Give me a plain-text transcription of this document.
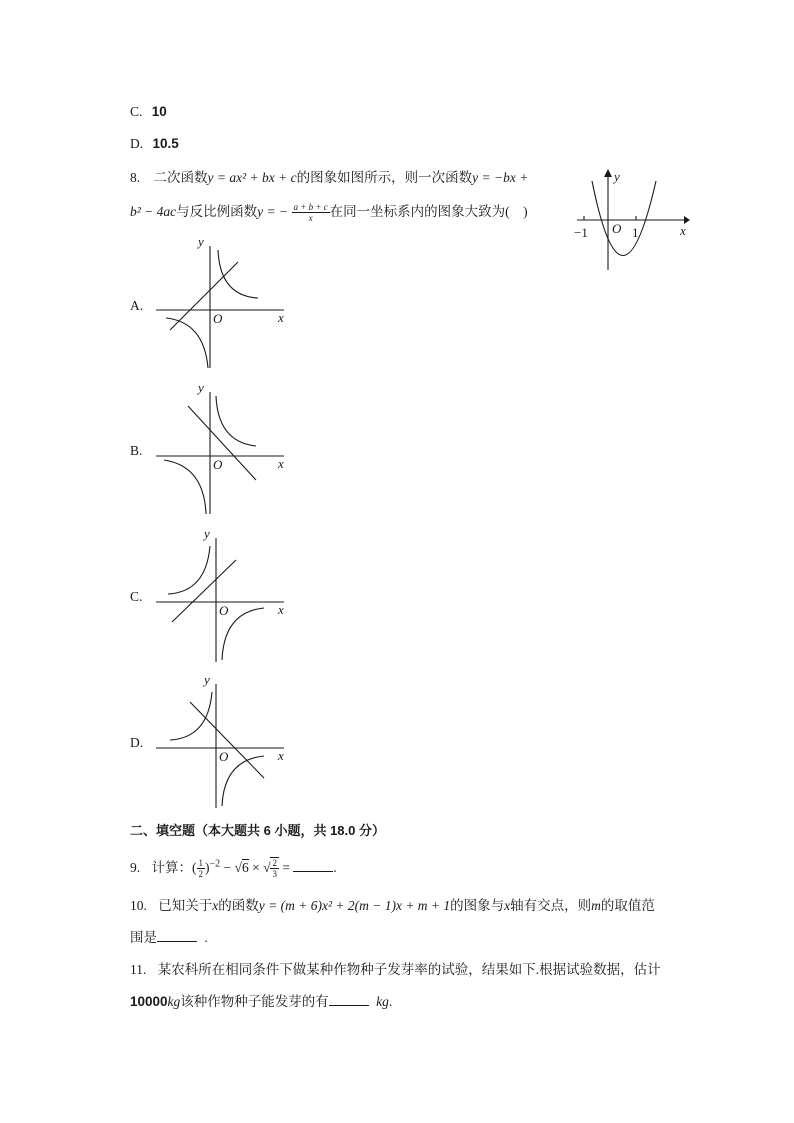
C. 10
D. 10.5
8. 二次函数y = ax² + bx + c的图象如图所示，则一次函数y = −bx +
b² − 4ac与反比例函数y = − $\frac{a + b + c}{x}$ 在同一坐标系内的图象大致为(　)
y
x
O
−1	1
A.
y
x
O
B.
y
x
O
C.
y
x
O
D.
y
x
O
二、填空题（本大题共 6 小题，共 18.0 分）
9. 计算：( $\frac{1}{2} )^{-2} - √6$ × √ $\frac{2}{3}$ =	.
10. 已知关于x的函数y = (m + 6)x² + 2(m − 1)x + m + 1的图象与x轴有交点，则m的取值范
围是	.
11. 某农科所在相同条件下做某种作物种子发芽率的试验，结果如下.根据试验数据，估计
10000kg该种作物种子能发芽的有	kg.
